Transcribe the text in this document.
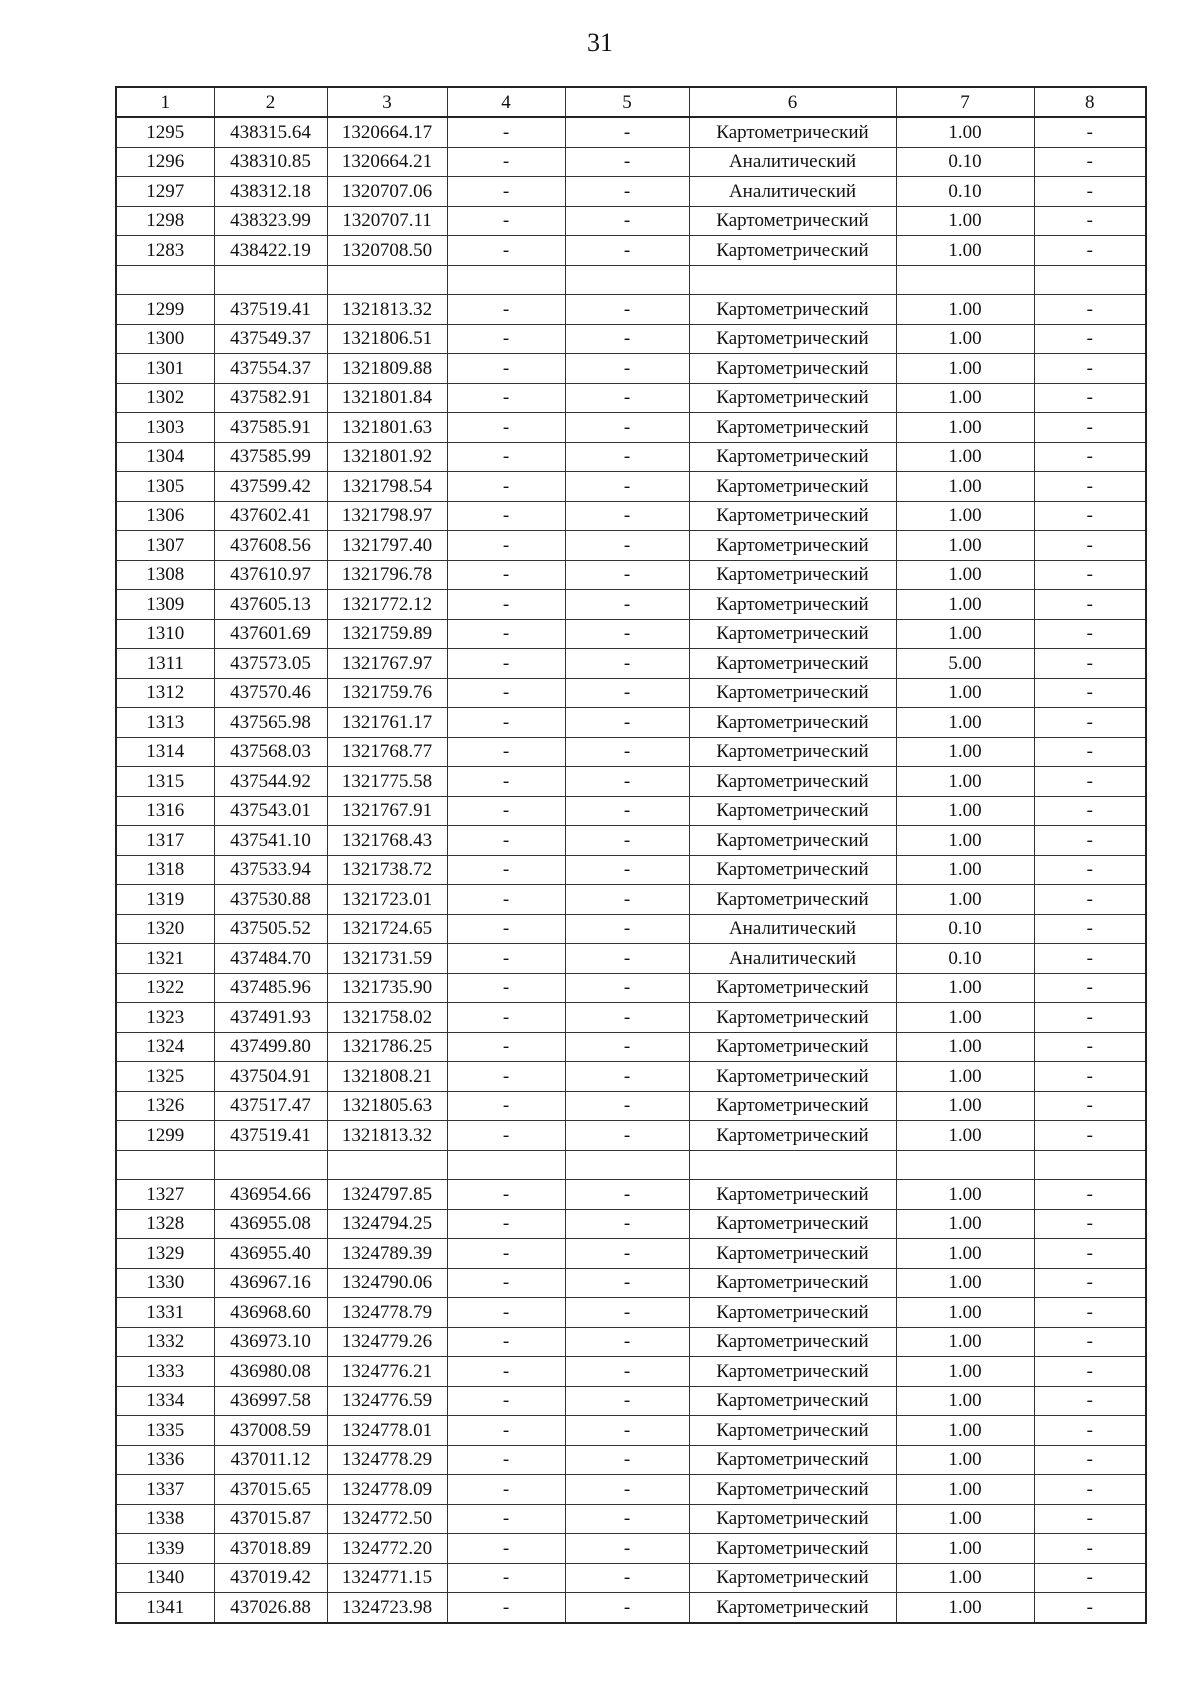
31
1	2	3	4	5	6	7	8
1295	438315.64	1320664.17	-	-	Картометрический	1.00	-
1296	438310.85	1320664.21	-	-	Аналитический	0.10	-
1297	438312.18	1320707.06	-	-	Аналитический	0.10	-
1298	438323.99	1320707.11	-	-	Картометрический	1.00	-
1283	438422.19	1320708.50	-	-	Картометрический	1.00	-

1299	437519.41	1321813.32	-	-	Картометрический	1.00	-
1300	437549.37	1321806.51	-	-	Картометрический	1.00	-
1301	437554.37	1321809.88	-	-	Картометрический	1.00	-
1302	437582.91	1321801.84	-	-	Картометрический	1.00	-
1303	437585.91	1321801.63	-	-	Картометрический	1.00	-
1304	437585.99	1321801.92	-	-	Картометрический	1.00	-
1305	437599.42	1321798.54	-	-	Картометрический	1.00	-
1306	437602.41	1321798.97	-	-	Картометрический	1.00	-
1307	437608.56	1321797.40	-	-	Картометрический	1.00	-
1308	437610.97	1321796.78	-	-	Картометрический	1.00	-
1309	437605.13	1321772.12	-	-	Картометрический	1.00	-
1310	437601.69	1321759.89	-	-	Картометрический	1.00	-
1311	437573.05	1321767.97	-	-	Картометрический	5.00	-
1312	437570.46	1321759.76	-	-	Картометрический	1.00	-
1313	437565.98	1321761.17	-	-	Картометрический	1.00	-
1314	437568.03	1321768.77	-	-	Картометрический	1.00	-
1315	437544.92	1321775.58	-	-	Картометрический	1.00	-
1316	437543.01	1321767.91	-	-	Картометрический	1.00	-
1317	437541.10	1321768.43	-	-	Картометрический	1.00	-
1318	437533.94	1321738.72	-	-	Картометрический	1.00	-
1319	437530.88	1321723.01	-	-	Картометрический	1.00	-
1320	437505.52	1321724.65	-	-	Аналитический	0.10	-
1321	437484.70	1321731.59	-	-	Аналитический	0.10	-
1322	437485.96	1321735.90	-	-	Картометрический	1.00	-
1323	437491.93	1321758.02	-	-	Картометрический	1.00	-
1324	437499.80	1321786.25	-	-	Картометрический	1.00	-
1325	437504.91	1321808.21	-	-	Картометрический	1.00	-
1326	437517.47	1321805.63	-	-	Картометрический	1.00	-
1299	437519.41	1321813.32	-	-	Картометрический	1.00	-

1327	436954.66	1324797.85	-	-	Картометрический	1.00	-
1328	436955.08	1324794.25	-	-	Картометрический	1.00	-
1329	436955.40	1324789.39	-	-	Картометрический	1.00	-
1330	436967.16	1324790.06	-	-	Картометрический	1.00	-
1331	436968.60	1324778.79	-	-	Картометрический	1.00	-
1332	436973.10	1324779.26	-	-	Картометрический	1.00	-
1333	436980.08	1324776.21	-	-	Картометрический	1.00	-
1334	436997.58	1324776.59	-	-	Картометрический	1.00	-
1335	437008.59	1324778.01	-	-	Картометрический	1.00	-
1336	437011.12	1324778.29	-	-	Картометрический	1.00	-
1337	437015.65	1324778.09	-	-	Картометрический	1.00	-
1338	437015.87	1324772.50	-	-	Картометрический	1.00	-
1339	437018.89	1324772.20	-	-	Картометрический	1.00	-
1340	437019.42	1324771.15	-	-	Картометрический	1.00	-
1341	437026.88	1324723.98	-	-	Картометрический	1.00	-
